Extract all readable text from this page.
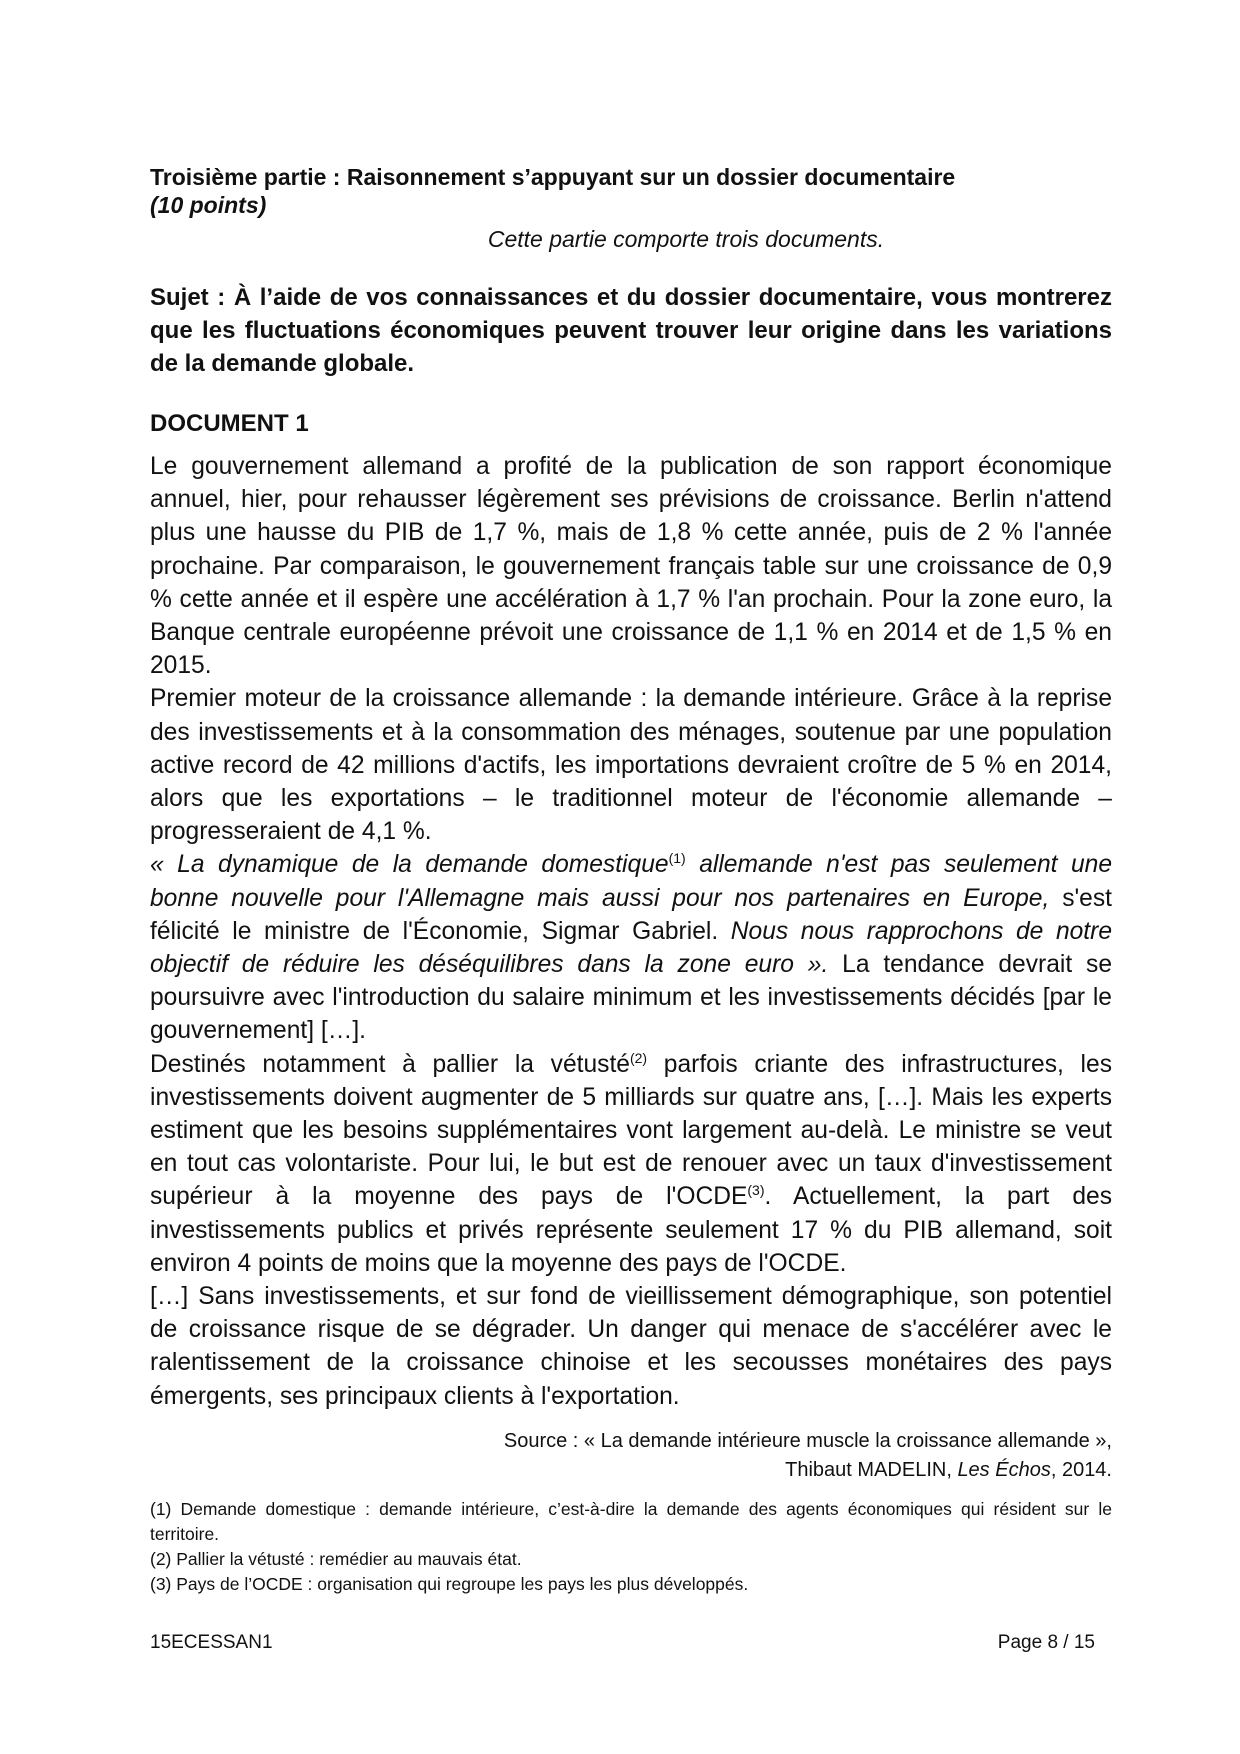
Troisième partie : Raisonnement s’appuyant sur un dossier documentaire
(10 points)
Cette partie comporte trois documents.
Sujet : À l’aide de vos connaissances et du dossier documentaire, vous montrerez que les fluctuations économiques peuvent trouver leur origine dans les variations de la demande globale.
DOCUMENT 1

Le gouvernement allemand a profité de la publication de son rapport économique annuel, hier, pour rehausser légèrement ses prévisions de croissance. Berlin n'attend plus une hausse du PIB de 1,7 %, mais de 1,8 % cette année, puis de 2 % l'année prochaine. Par comparaison, le gouvernement français table sur une croissance de 0,9 % cette année et il espère une accélération à 1,7 % l'an prochain. Pour la zone euro, la Banque centrale européenne prévoit une croissance de 1,1 % en 2014 et de 1,5 % en 2015.

Premier moteur de la croissance allemande : la demande intérieure. Grâce à la reprise des investissements et à la consommation des ménages, soutenue par une population active record de 42 millions d'actifs, les importations devraient croître de 5 % en 2014, alors que les exportations – le traditionnel moteur de l'économie allemande – progresseraient de 4,1 %.

« La dynamique de la demande domestique$^{(1)}$ allemande n'est pas seulement une bonne nouvelle pour l'Allemagne mais aussi pour nos partenaires en Europe, s'est félicité le ministre de l'Économie, Sigmar Gabriel. Nous nous rapprochons de notre objectif de réduire les déséquilibres dans la zone euro ». La tendance devrait se poursuivre avec l'introduction du salaire minimum et les investissements décidés [par le gouvernement] […].

Destinés notamment à pallier la vétusté$^{(2)}$ parfois criante des infrastructures, les investissements doivent augmenter de 5 milliards sur quatre ans, […]. Mais les experts estiment que les besoins supplémentaires vont largement au-delà. Le ministre se veut en tout cas volontariste. Pour lui, le but est de renouer avec un taux d'investissement supérieur à la moyenne des pays de l'OCDE$^{(3)}$. Actuellement, la part des investissements publics et privés représente seulement 17 % du PIB allemand, soit environ 4 points de moins que la moyenne des pays de l'OCDE.

[…] Sans investissements, et sur fond de vieillissement démographique, son potentiel de croissance risque de se dégrader. Un danger qui menace de s'accélérer avec le ralentissement de la croissance chinoise et les secousses monétaires des pays émergents, ses principaux clients à l'exportation.

Source : « La demande intérieure muscle la croissance allemande »,
Thibaut MADELIN, Les Échos, 2014.
(1) Demande domestique : demande intérieure, c’est-à-dire la demande des agents économiques qui résident sur le territoire.
(2) Pallier la vétusté : remédier au mauvais état.
(3) Pays de l’OCDE : organisation qui regroupe les pays les plus développés.
15ECESSAN1	Page 8 / 15
